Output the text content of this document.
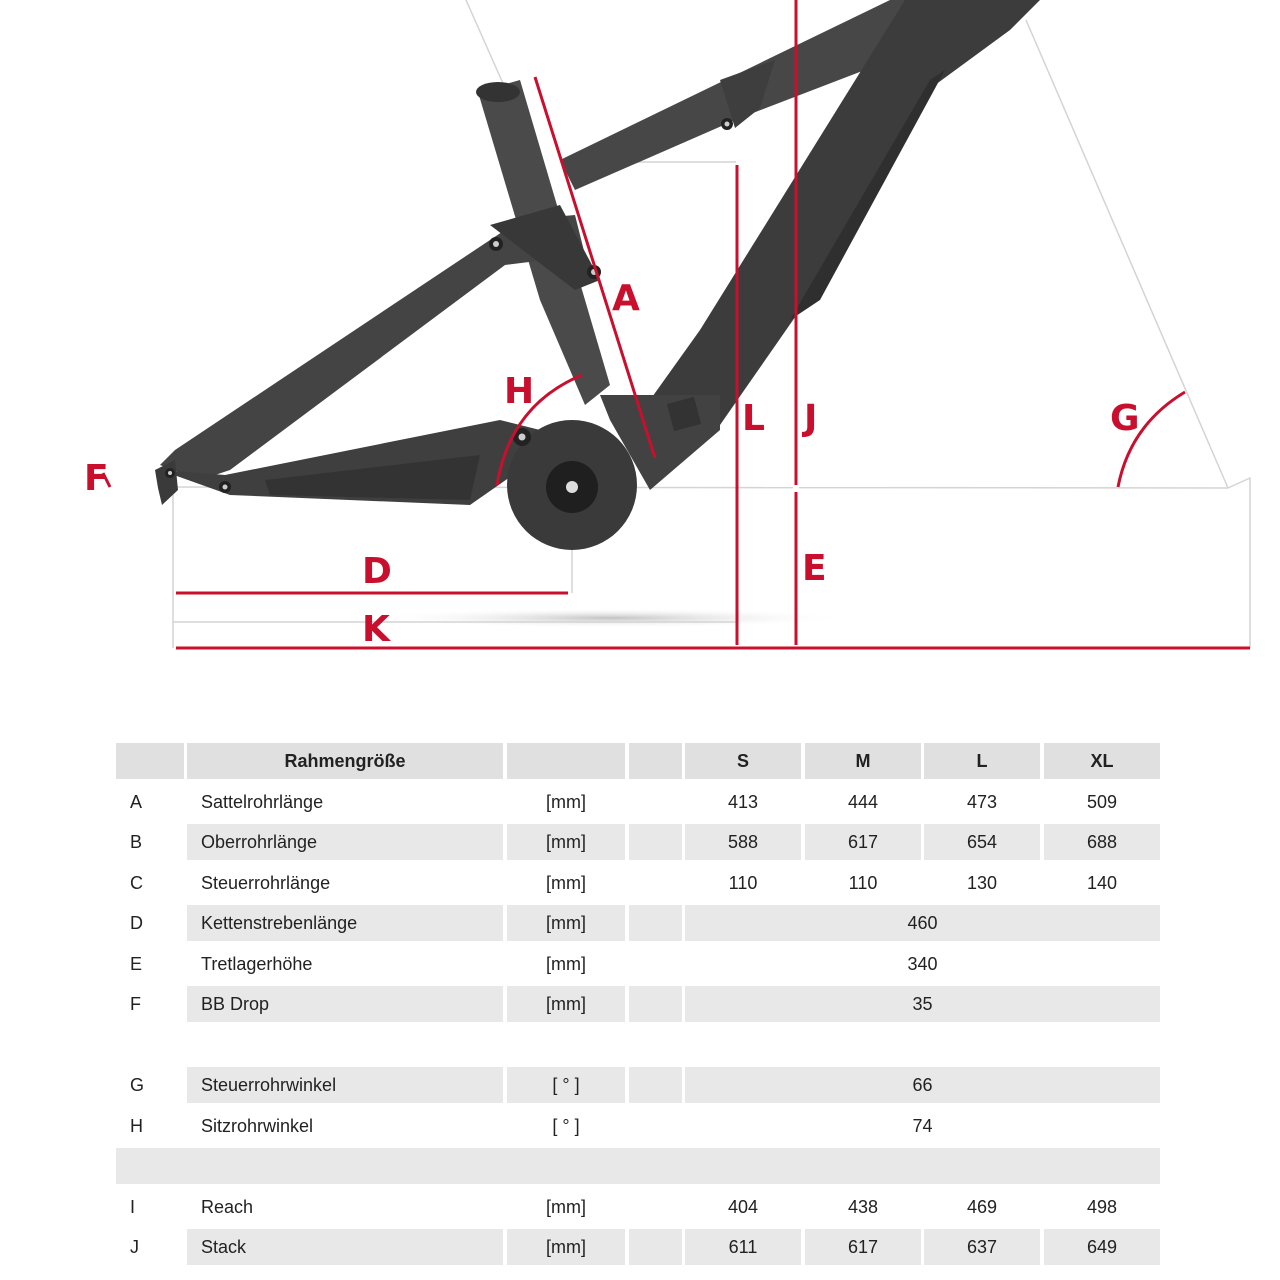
A
H
L J	G
F
D	E
K
Rahmengröße	S	M	L	XL
A	Sattelrohrlänge	[mm]	413	444	473	509
B	Oberrohrlänge	[mm]	588	617	654	688
C	Steuerrohrlänge	[mm]	110	110	130	140
D	Kettenstrebenlänge	[mm]	460
E	Tretlagerhöhe	[mm]	340
F	BB Drop	[mm]	35
G	Steuerrohrwinkel	[ ° ]	66
H	Sitzrohrwinkel	[ ° ]	74
I	Reach	[mm]	404	438	469	498
J	Stack	[mm]	611	617	637	649
